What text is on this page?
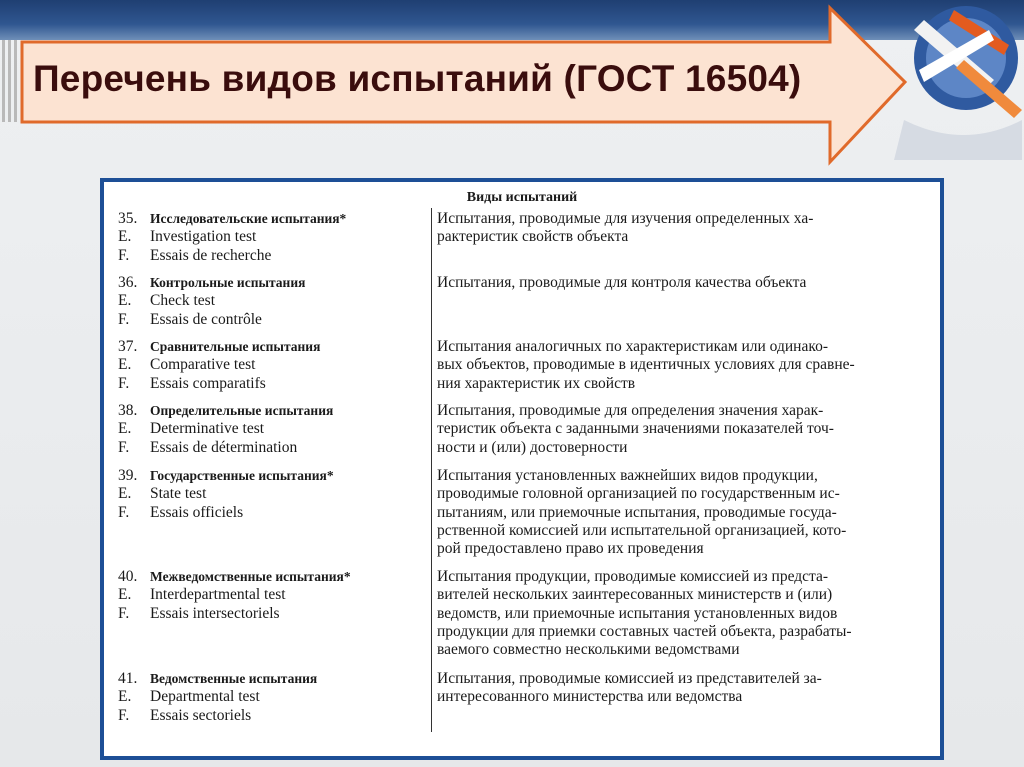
Перечень видов испытаний (ГОСТ 16504)
Виды испытаний
35. Исследовательские испытания*
E. Investigation test
F. Essais de recherche
Испытания, проводимые для изучения определенных ха-
рактеристик свойств объекта
36. Контрольные испытания
E. Check test
F. Essais de contrôle
Испытания, проводимые для контроля качества объекта
37. Сравнительные испытания
E. Comparative test
F. Essais comparatifs
Испытания аналогичных по характеристикам или одинако-
вых объектов, проводимые в идентичных условиях для сравне-
ния характеристик их свойств
38. Определительные испытания
E. Determinative test
F. Essais de détermination
Испытания, проводимые для определения значения харак-
теристик объекта с заданными значениями показателей точ-
ности и (или) достоверности
39. Государственные испытания*
E. State test
F. Essais officiels
Испытания установленных важнейших видов продукции,
проводимые головной организацией по государственным ис-
пытаниям, или приемочные испытания, проводимые госуда-
рственной комиссией или испытательной организацией, кото-
рой предоставлено право их проведения
40. Межведомственные испытания*
E. Interdepartmental test
F. Essais intersectoriels
Испытания продукции, проводимые комиссией из предста-
вителей нескольких заинтересованных министерств и (или)
ведомств, или приемочные испытания установленных видов
продукции для приемки составных частей объекта, разрабаты-
ваемого совместно несколькими ведомствами
41. Ведомственные испытания
E. Departmental test
F. Essais sectoriels
Испытания, проводимые комиссией из представителей за-
интересованного министерства или ведомства
